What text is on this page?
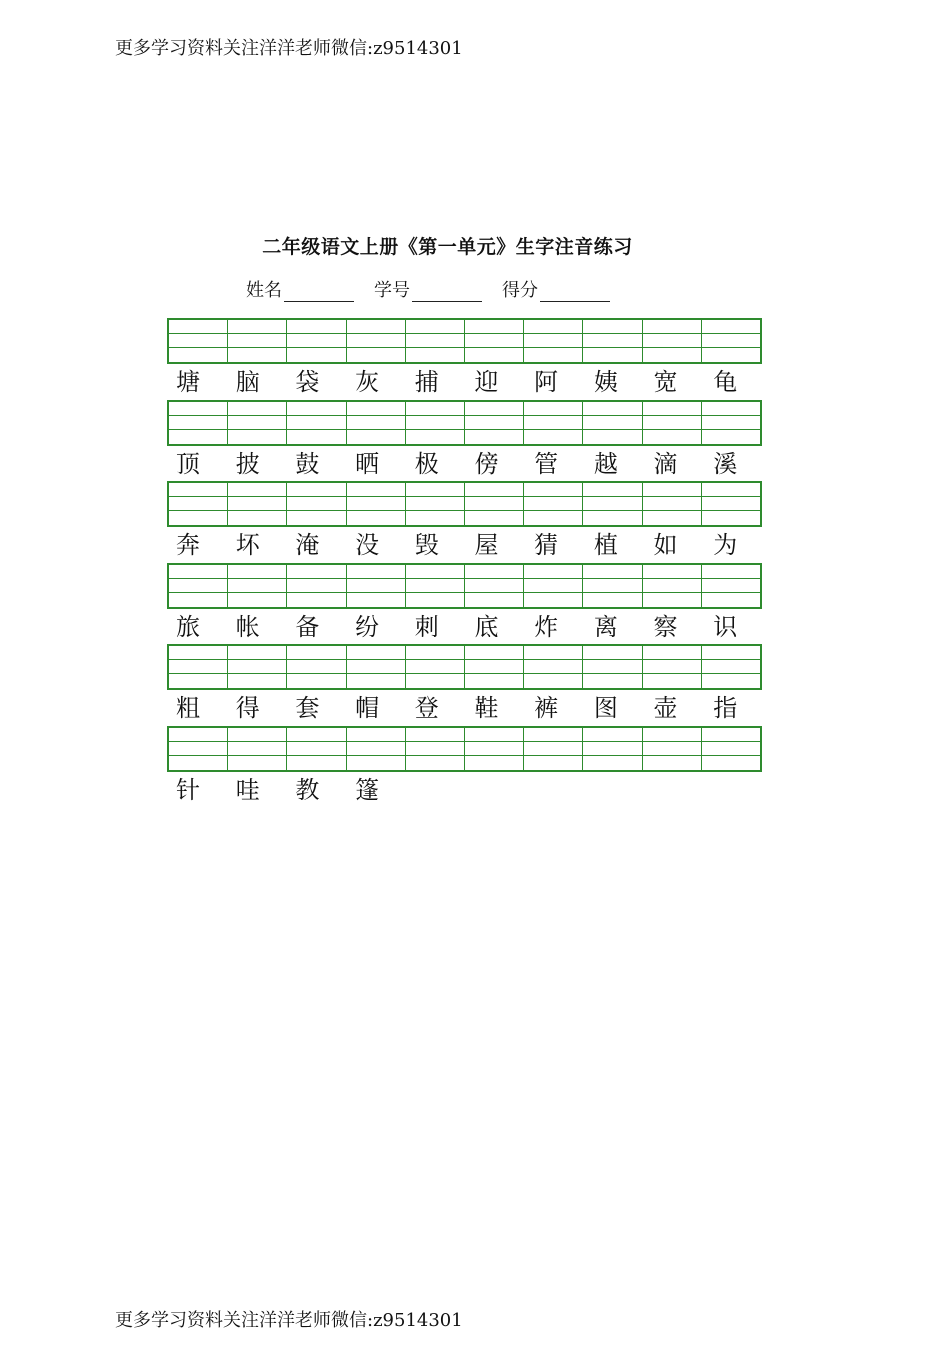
更多学习资料关注洋洋老师微信:z9514301
二年级语文上册《第一单元》生字注音练习
姓名	学号	得分
塘	脑	袋	灰	捕	迎	阿	姨	宽	龟
顶	披	鼓	晒	极	傍	管	越	滴	溪
奔	坏	淹	没	毁	屋	猜	植	如	为
旅	帐	备	纷	刺	底	炸	离	察	识
粗	得	套	帽	登	鞋	裤	图	壶	指
针	哇	教	篷
更多学习资料关注洋洋老师微信:z9514301
